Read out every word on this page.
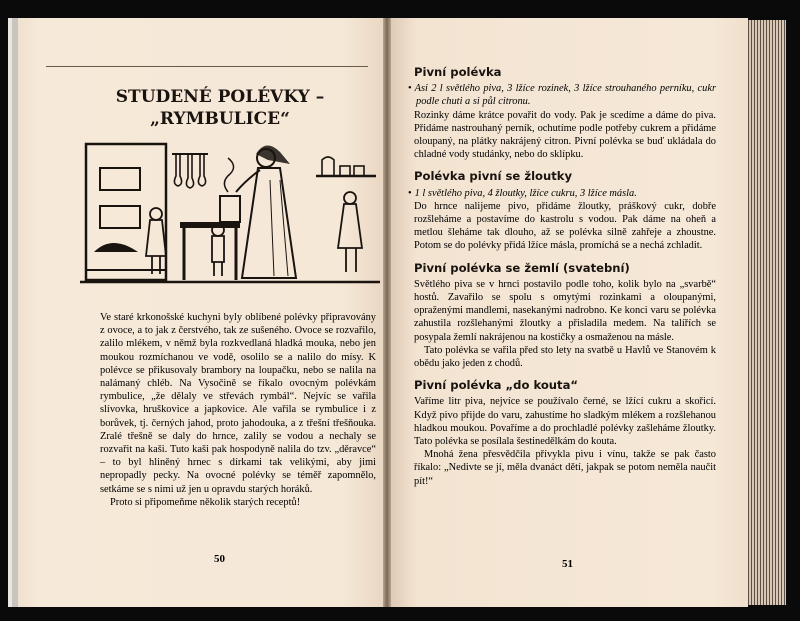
STUDENÉ POLÉVKY –
„RYMBULICE“

Ve staré krkonošské kuchyni byly oblíbené polévky připravovány z ovoce, a to jak z čerstvého, tak ze sušeného. Ovoce se rozvařilo, zalilo mlékem, v němž byla rozkvedlaná hladká mouka, nebo jen moukou rozmíchanou ve vodě, osolilo se a nalilo do mísy. K polévce se přikusovaly brambory na loupačku, nebo se nalila na nalámaný chléb. Na Vysočině se říkalo ovocným polévkám rymbulice, „že dělaly ve střevách rymbál“. Nejvíc se vařila slívovka, hruškovice a japkovice. Ale vařila se rymbulice i z borůvek, tj. černých jahod, proto jahodouka, a z třešní třešňouka. Zralé třešně se daly do hrnce, zalily se vodou a nechaly se rozvařit na kaši. Tuto kaši pak hospodyně nalila do tzv. „děravce“ – to byl hliněný hrnec s dírkami tak velikými, aby jimi nepropadly pecky. Na ovocné polévky se téměř zapomnělo, setkáme se s nimi už jen u opravdu starých horáků.

Proto si připomeňme několik starých receptů!

50
Pivní polévka
• Asi 2 l světlého piva, 3 lžíce rozinek, 3 lžíce strouhaného perníku, cukr podle chuti a si půl citronu.

Rozinky dáme krátce povařit do vody. Pak je scedíme a dáme do piva. Přidáme nastrouhaný perník, ochutíme podle potřeby cukrem a přidáme oloupaný, na plátky nakrájený citron. Pivní polévka se buď ukládala do chladné vody studánky, nebo do sklípku.

Polévka pivní se žloutky
• 1 l světlého piva, 4 žloutky, lžíce cukru, 3 lžíce másla.

Do hrnce nalijeme pivo, přidáme žloutky, práškový cukr, dobře rozšleháme a postavíme do kastrolu s vodou. Pak dáme na oheň a metlou šleháme tak dlouho, až se polévka silně zahřeje a zhoustne. Potom se do polévky přidá lžíce másla, promíchá se a nechá zchladit.

Pivní polévka se žemlí (svatební)

Světlého piva se v hrnci postavilo podle toho, kolik bylo na „svarbě“ hostů. Zavařilo se spolu s omytými rozinkami a oloupanými, opraženými mandlemi, nasekanými nadrobno. Ke konci varu se polévka zahustila rozšlehanými žloutky a přisladila medem. Na talířích se posypala žemlí nakrájenou na kostičky a osmaženou na másle.

Tato polévka se vařila před sto lety na svatbě u Havlů ve Stanovém k obědu jako jeden z chodů.

Pivní polévka „do kouta“

Vaříme litr piva, nejvíce se používalo černé, se lžící cukru a skořicí. Když pivo přijde do varu, zahustíme ho sladkým mlékem a rozšlehanou hladkou moukou. Povaříme a do prochladlé polévky zašleháme žloutky. Tato polévka se posílala šestinedělkám do kouta.

Mnohá žena přesvědčila přívykla pivu i vínu, takže se pak často říkalo: „Nedivte se jí, měla dvanáct dětí, jakpak se potom neměla naučit pít!“

51
